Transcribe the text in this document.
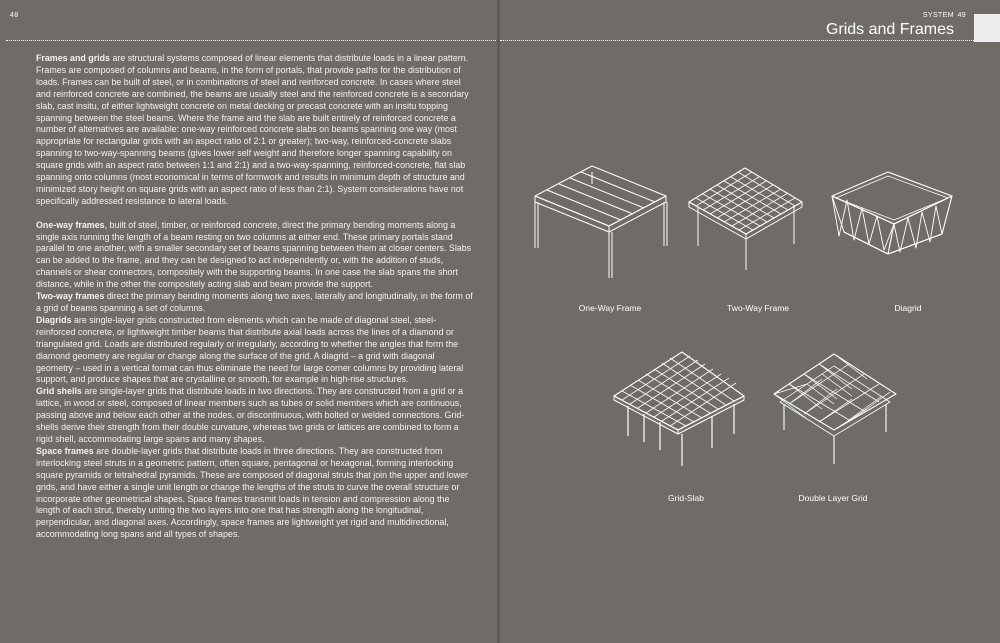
48

Frames and grids are structural systems composed of linear elements that distribute loads in a linear pattern. Frames are composed of columns and beams, in the form of portals, that provide paths for the distribution of loads. Frames can be built of steel, or in combinations of steel and reinforced concrete. In cases where steel and reinforced concrete are combined, the beams are usually steel and the reinforced concrete is a secondary slab, cast insitu, of either lightweight concrete on metal decking or precast concrete with an insitu topping spanning between the steel beams. Where the frame and the slab are built entirely of reinforced concrete a number of alternatives are available: one-way reinforced concrete slabs on beams spanning one way (most appropriate for rectangular grids with an aspect ratio of 2:1 or greater); two-way, reinforced-concrete slabs spanning to two-way-spanning beams (gives lower self weight and therefore longer spanning capability on square grids with an aspect ratio between 1:1 and 2:1) and a two-way-spanning, reinforced-concrete, flat slab spanning onto columns (most economical in terms of formwork and results in minimum depth of structure and minimized story height on square grids with an aspect ratio of less than 2:1). System considerations have not specifically addressed resistance to lateral loads.

One-way frames, built of steel, timber, or reinforced concrete, direct the primary bending moments along a single axis running the length of a beam resting on two columns at either end. These primary portals stand parallel to one another, with a smaller secondary set of beams spanning between them at closer centers. Slabs can be added to the frame, and they can be designed to act independently or, with the addition of studs, channels or shear connectors, compositely with the supporting beams. In one case the slab spans the short distance, while in the other the compositely acting slab and beam provide the support.

Two-way frames direct the primary bending moments along two axes, laterally and longitudinally, in the form of a grid of beams spanning a set of columns.

Diagrids are single-layer grids constructed from elements which can be made of diagonal steel, steel-reinforced concrete, or lightweight timber beams that distribute axial loads across the lines of a diamond or triangulated grid. Loads are distributed regularly or irregularly, according to whether the angles that form the diamond geometry are regular or change along the surface of the grid. A diagrid – a grid with diagonal geometry – used in a vertical format can thus eliminate the need for large corner columns by providing lateral support, and produce shapes that are crystalline or smooth, for example in high-rise structures.

Grid shells are single-layer grids that distribute loads in two directions. They are constructed from a grid or a lattice, in wood or steel, composed of linear members such as tubes or solid members which are continuous, passing above and below each other at the nodes, or discontinuous, with bolted or welded connections. Grid-shells derive their strength from their double curvature, whereas two grids or lattices are combined to form a rigid shell, accommodating large spans and many shapes.

Space frames are double-layer grids that distribute loads in three directions. They are constructed from interlocking steel struts in a geometric pattern, often square, pentagonal or hexagonal, forming interlocking square pyramids or tetrahedral pyramids. These are composed of diagonal struts that join the upper and lower grids, and have either a single unit length or change the lengths of the struts to curve the overall structure or incorporate other geometrical shapes. Space frames transmit loads in tension and compression along the length of each strut, thereby uniting the two layers into one that has strength along the longitudinal, perpendicular, and diagonal axes. Accordingly, space frames are lightweight yet rigid and multidirectional, accommodating long spans and all types of shapes.

SYSTEM 49
Grids and Frames
One-Way Frame	Two-Way Frame	Diagrid
Grid-Slab	Double Layer Grid
